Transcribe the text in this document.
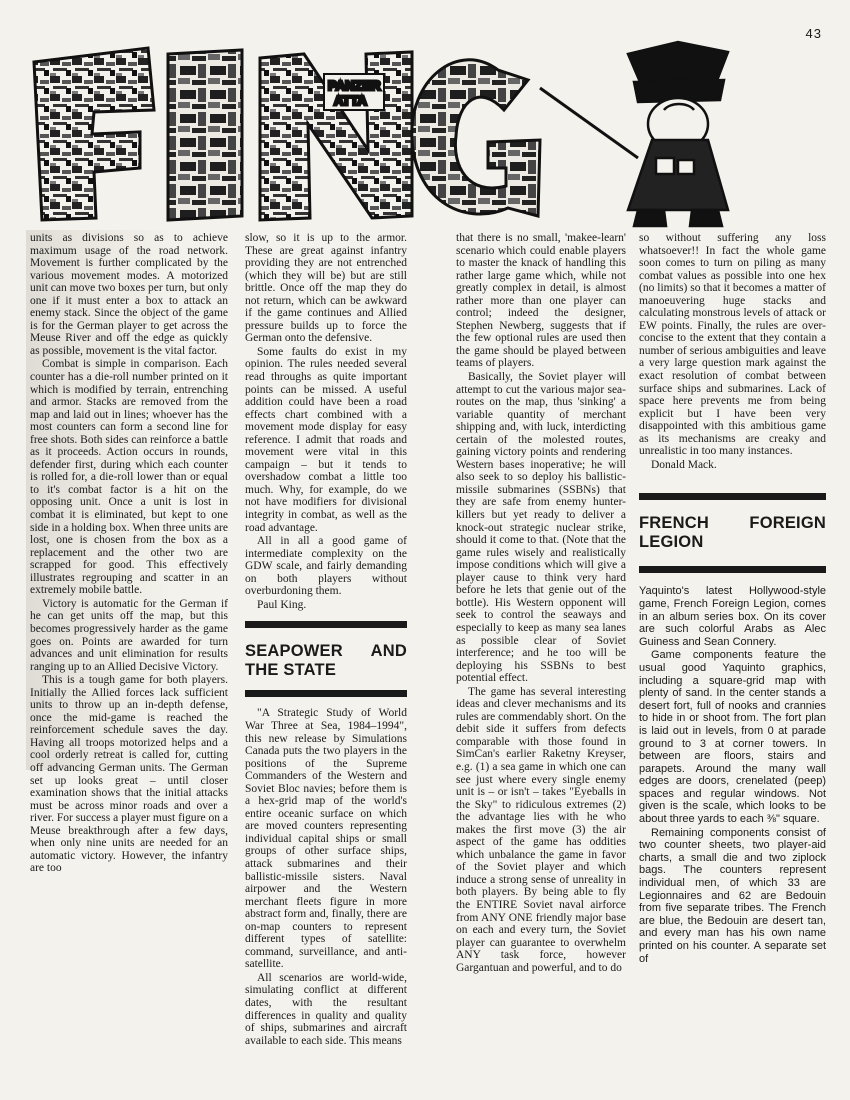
43
PANZER
ATTA

units as divisions so as to achieve maximum usage of the road network. Movement is further complicated by the various movement modes. A motorized unit can move two boxes per turn, but only one if it must enter a box to attack an enemy stack. Since the object of the game is for the German player to get across the Meuse River and off the edge as quickly as possible, movement is the vital factor.

Combat is simple in comparison. Each counter has a die-roll number printed on it which is modified by terrain, entrenching and armor. Stacks are removed from the map and laid out in lines; whoever has the most counters can form a second line for free shots. Both sides can reinforce a battle as it proceeds. Action occurs in rounds, defender first, during which each counter is rolled for, a die-roll lower than or equal to it's combat factor is a hit on the opposing unit. Once a unit is lost in combat it is eliminated, but kept to one side in a holding box. When three units are lost, one is chosen from the box as a replacement and the other two are scrapped for good. This effectively illustrates regrouping and scatter in an extremely mobile battle.

Victory is automatic for the German if he can get units off the map, but this becomes progressively harder as the game goes on. Points are awarded for turn advances and unit elimination for results ranging up to an Allied Decisive Victory.

This is a tough game for both players. Initially the Allied forces lack sufficient units to throw up an in-depth defense, once the mid-game is reached the reinforcement schedule saves the day. Having all troops motorized helps and a cool orderly retreat is called for, cutting off advancing German units. The German set up looks great – until closer examination shows that the initial attacks must be across minor roads and over a river. For success a player must figure on a Meuse breakthrough after a few days, when only nine units are needed for an automatic victory. However, the infantry are too

slow, so it is up to the armor. These are great against infantry providing they are not entrenched (which they will be) but are still brittle. Once off the map they do not return, which can be awkward if the game continues and Allied pressure builds up to force the German onto the defensive.

Some faults do exist in my opinion. The rules needed several read throughs as quite important points can be missed. A useful addition could have been a road effects chart combined with a movement mode display for easy reference. I admit that roads and movement were vital in this campaign – but it tends to overshadow combat a little too much. Why, for example, do we not have modifiers for divisional integrity in combat, as well as the road advantage.

All in all a good game of intermediate complexity on the GDW scale, and fairly demanding on both players without overburdoning them.

Paul King.

SEAPOWER AND THE STATE

"A Strategic Study of World War Three at Sea, 1984–1994", this new release by Simulations Canada puts the two players in the positions of the Supreme Commanders of the Western and Soviet Bloc navies; before them is a hex-grid map of the world's entire oceanic surface on which are moved counters representing individual capital ships or small groups of other surface ships, attack submarines and their ballistic-missile sisters. Naval airpower and the Western merchant fleets figure in more abstract form and, finally, there are on-map counters to represent different types of satellite: command, surveillance, and anti-satellite.

All scenarios are world-wide, simulating conflict at different dates, with the resultant differences in quality and quality of ships, submarines and aircraft available to each side. This means

that there is no small, 'makee-learn' scenario which could enable players to master the knack of handling this rather large game which, while not greatly complex in detail, is almost rather more than one player can control; indeed the designer, Stephen Newberg, suggests that if the few optional rules are used then the game should be played between teams of players.

Basically, the Soviet player will attempt to cut the various major sea-routes on the map, thus 'sinking' a variable quantity of merchant shipping and, with luck, interdicting certain of the molested routes, gaining victory points and rendering Western bases inoperative; he will also seek to so deploy his ballistic-missile submarines (SSBNs) that they are safe from enemy hunter-killers but yet ready to deliver a knock-out strategic nuclear strike, should it come to that. (Note that the game rules wisely and realistically impose conditions which will give a player cause to think very hard before he lets that genie out of the bottle). His Western opponent will seek to control the seaways and especially to keep as many sea lanes as possible clear of Soviet interference; and he too will be deploying his SSBNs to best potential effect.

The game has several interesting ideas and clever mechanisms and its rules are commendably short. On the debit side it suffers from defects comparable with those found in SimCan's earlier Raketny Kreyser, e.g. (1) a sea game in which one can see just where every single enemy unit is – or isn't – takes "Eyeballs in the Sky" to ridiculous extremes (2) the advantage lies with he who makes the first move (3) the air aspect of the game has oddities which unbalance the game in favor of the Soviet player and which induce a strong sense of unreality in both players. By being able to fly the ENTIRE Soviet naval airforce from ANY ONE friendly major base on each and every turn, the Soviet player can guarantee to overwhelm ANY task force, however Gargantuan and powerful, and to do

so without suffering any loss whatsoever!! In fact the whole game soon comes to turn on piling as many combat values as possible into one hex (no limits) so that it becomes a matter of manoeuvering huge stacks and calculating monstrous levels of attack or EW points. Finally, the rules are over-concise to the extent that they contain a number of serious ambiguities and leave a very large question mark against the exact resolution of combat between surface ships and submarines. Lack of space here prevents me from being explicit but I have been very disappointed with this ambitious game as its mechanisms are creaky and unrealistic in too many instances.

Donald Mack.

FRENCH FOREIGN LEGION

Yaquinto's latest Hollywood-style game, French Foreign Legion, comes in an album series box. On its cover are such colorful Arabs as Alec Guiness and Sean Connery.

Game components feature the usual good Yaquinto graphics, including a square-grid map with plenty of sand. In the center stands a desert fort, full of nooks and crannies to hide in or shoot from. The fort plan is laid out in levels, from 0 at parade ground to 3 at corner towers. In between are floors, stairs and parapets. Around the many wall edges are doors, crenelated (peep) spaces and regular windows. Not given is the scale, which looks to be about three yards to each ⅜" square.

Remaining components consist of two counter sheets, two player-aid charts, a small die and two ziplock bags. The counters represent individual men, of which 33 are Legionnaires and 62 are Bedouin from five separate tribes. The French are blue, the Bedouin are desert tan, and every man has his own name printed on his counter. A separate set of
